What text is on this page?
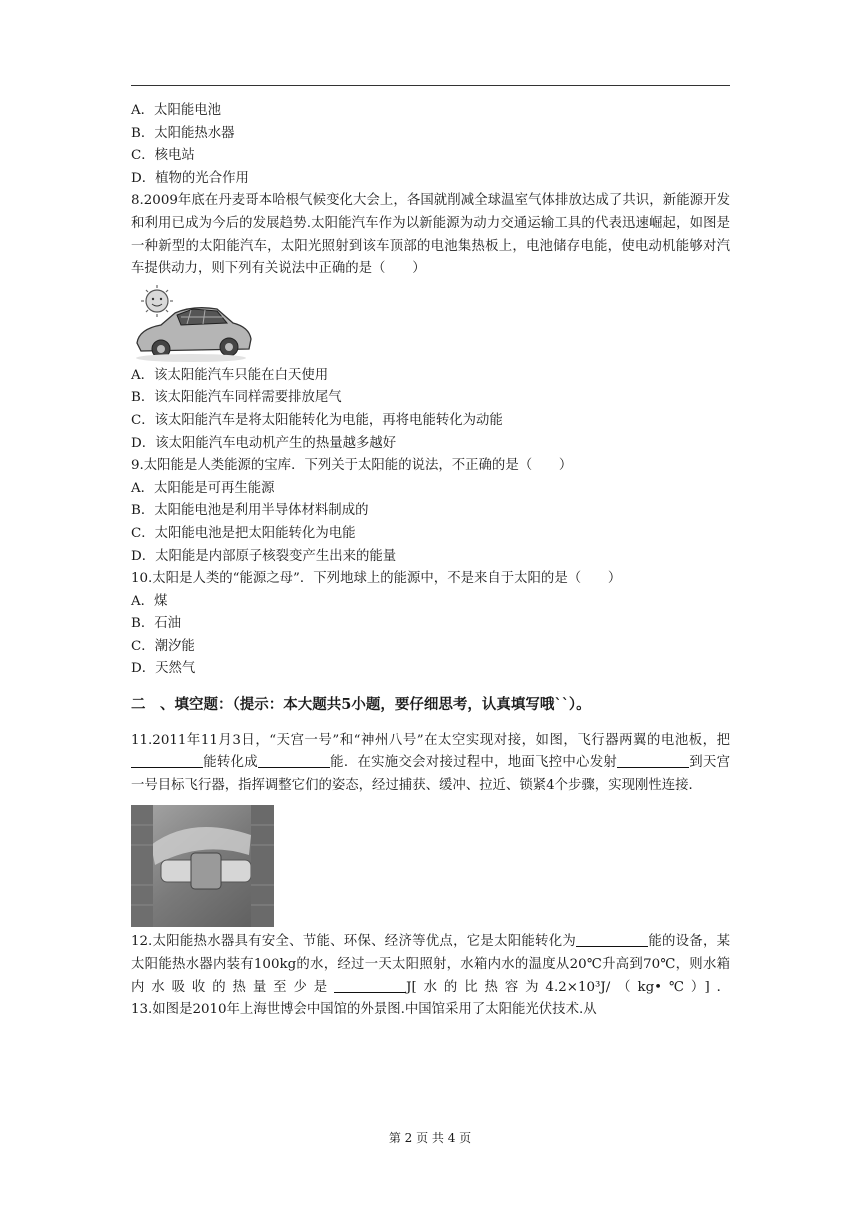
A．太阳能电池
B．太阳能热水器
C．核电站
D．植物的光合作用
8.2009年底在丹麦哥本哈根气候变化大会上，各国就削减全球温室气体排放达成了共识，新能源开发和利用已成为今后的发展趋势.太阳能汽车作为以新能源为动力交通运输工具的代表迅速崛起，如图是一种新型的太阳能汽车，太阳光照射到该车顶部的电池集热板上，电池储存电能，使电动机能够对汽车提供动力，则下列有关说法中正确的是（　　）
A．该太阳能汽车只能在白天使用
B．该太阳能汽车同样需要排放尾气
C．该太阳能汽车是将太阳能转化为电能，再将电能转化为动能
D．该太阳能汽车电动机产生的热量越多越好
9.太阳能是人类能源的宝库．下列关于太阳能的说法，不正确的是（　　）
A．太阳能是可再生能源
B．太阳能电池是利用半导体材料制成的
C．太阳能电池是把太阳能转化为电能
D．太阳能是内部原子核裂变产生出来的能量
10.太阳是人类的“能源之母”．下列地球上的能源中，不是来自于太阳的是（　　）
A．煤
B．石油
C．潮汐能
D．天然气
二　、填空题：（提示：本大题共5小题，要仔细思考，认真填写哦``）。
11.2011年11月3日，“天宫一号”和“神州八号”在太空实现对接，如图，飞行器两翼的电池板，把能转化成	能．在实施交会对接过程中，地面飞控中心发射	到天宫一号目标飞行器，指挥调整它们的姿态，经过捕获、缓冲、拉近、锁紧4个步骤，实现刚性连接．
12.太阳能热水器具有安全、节能、环保、经济等优点，它是太阳能转化为	能的设备，某太阳能热水器内装有100kg的水，经过一天太阳照射，水箱内水的温度从20℃升高到70℃，则水箱内水吸收的热量至少是	J[水的比热容为4.2×10³J/（kg•℃）]．
13.如图是2010年上海世博会中国馆的外景图.中国馆采用了太阳能光伏技术.从
第 2 页 共 4 页
